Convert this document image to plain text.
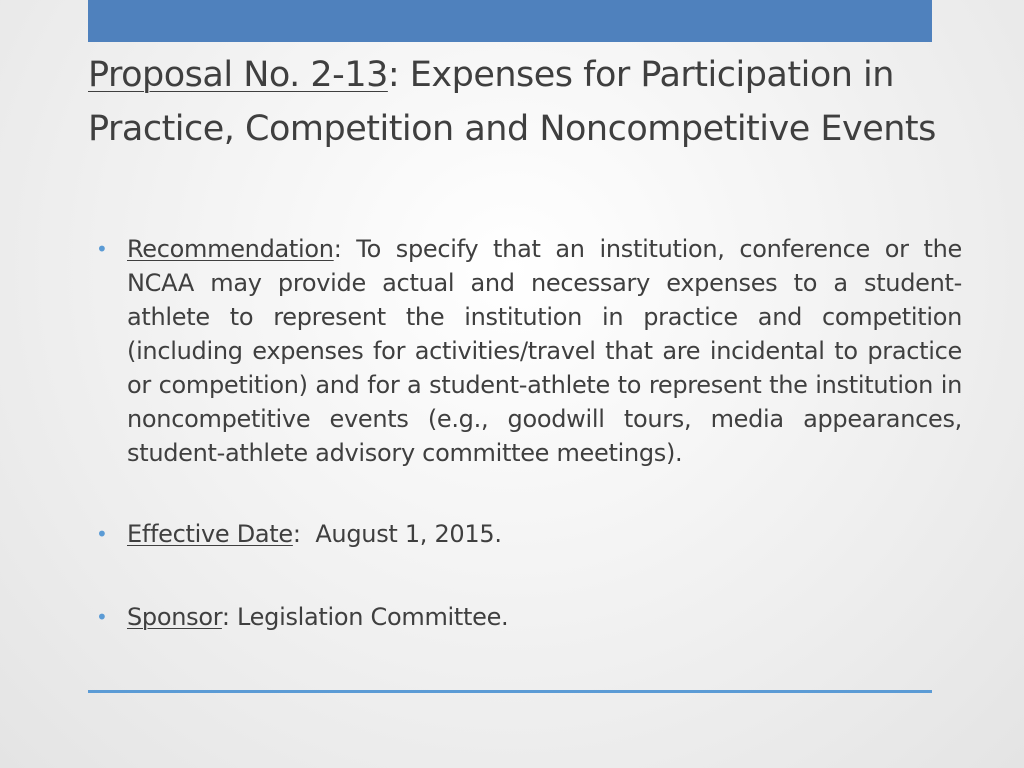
Proposal No. 2-13: Expenses for Participation in Practice, Competition and Noncompetitive Events
• Recommendation: To specify that an institution, conference or the NCAA may provide actual and necessary expenses to a student-athlete to represent the institution in practice and competition (including expenses for activities/travel that are incidental to practice or competition) and for a student-athlete to represent the institution in noncompetitive events (e.g., goodwill tours, media appearances, student-athlete advisory committee meetings).
• Effective Date:  August 1, 2015.
• Sponsor: Legislation Committee.
